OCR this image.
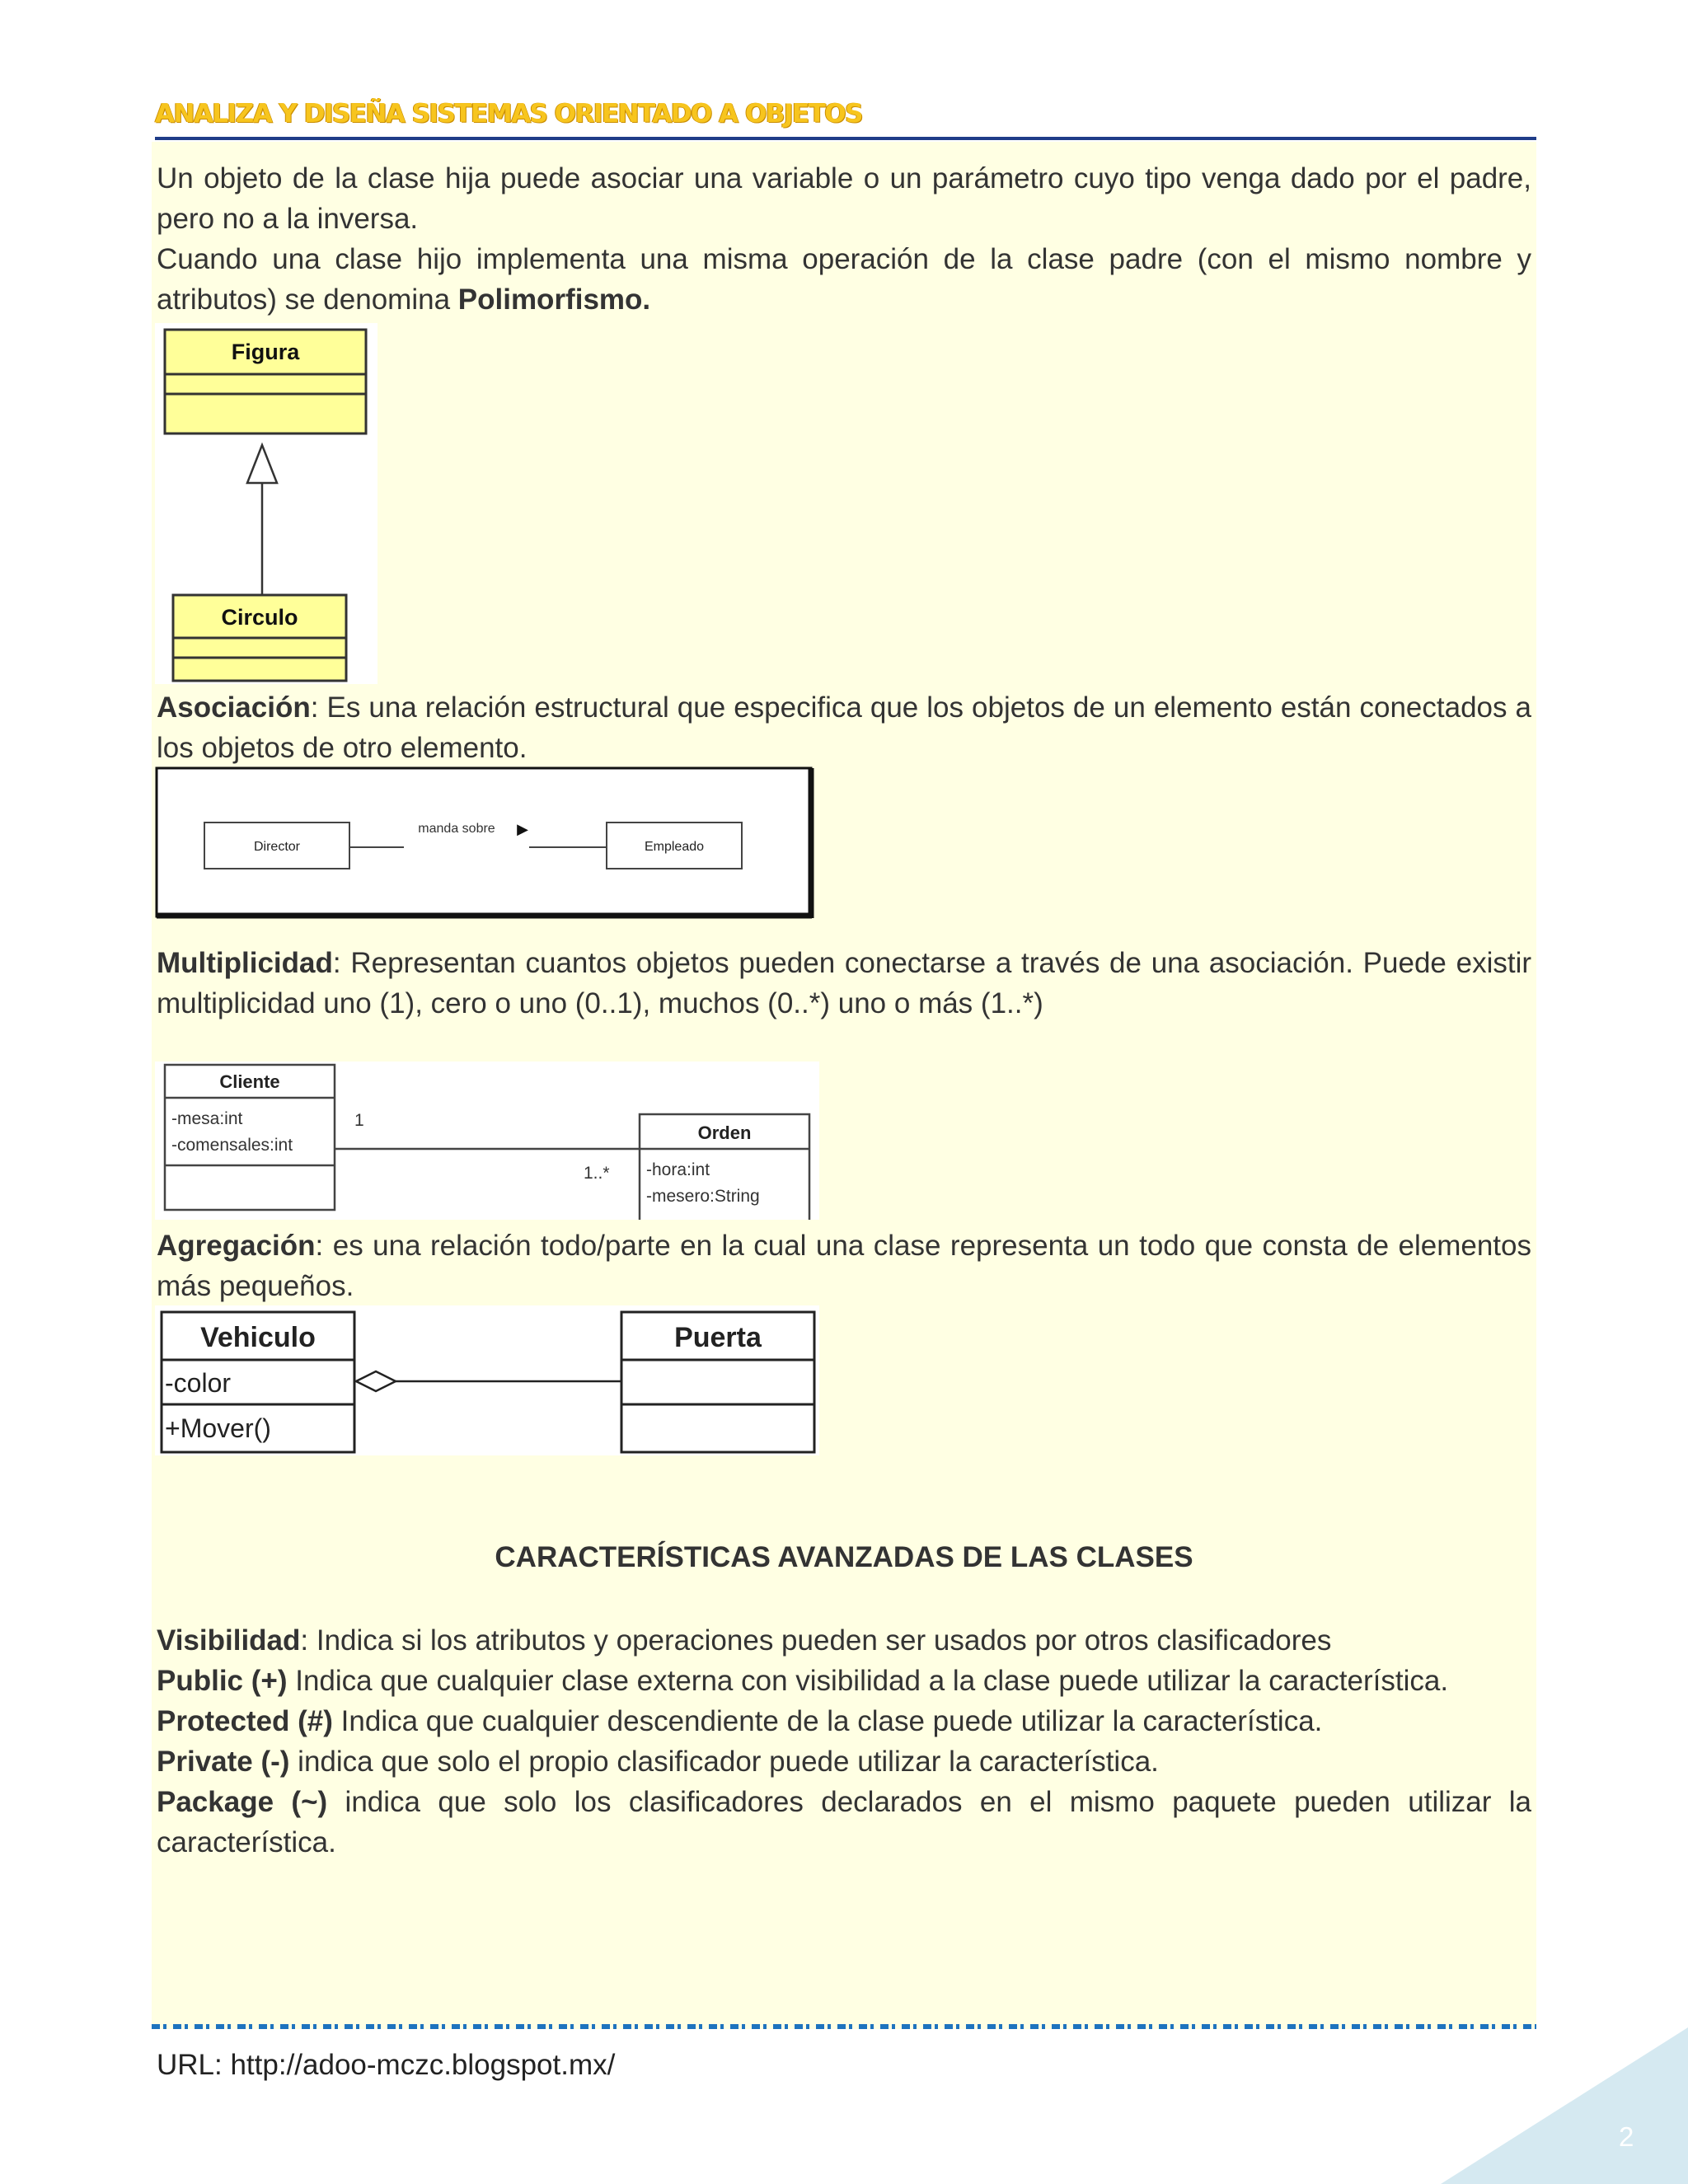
ANALIZA Y DISEÑA SISTEMAS ORIENTADO A OBJETOS

Un objeto de la clase hija puede asociar una variable o un parámetro cuyo tipo venga dado por el padre, pero no a la inversa.

Cuando una clase hijo implementa una misma operación de la clase padre (con el mismo nombre y atributos) se denomina Polimorfismo.

Figura
Circulo

Asociación: Es una relación estructural que especifica que los objetos de un elemento están conectados a los objetos de otro elemento.

Director
manda sobre ▶
Empleado

Multiplicidad: Representan cuantos objetos pueden conectarse a través de una asociación. Puede existir multiplicidad uno (1), cero o uno (0..1), muchos (0..*) uno o más (1..*)

Cliente
-mesa:int
-comensales:int
1
1..*
Orden
-hora:int
-mesero:String

Agregación: es una relación todo/parte en la cual una clase representa un todo que consta de elementos más pequeños.

Vehiculo
-color
+Mover()
Puerta
CARACTERÍSTICAS AVANZADAS DE LAS CLASES

Visibilidad: Indica si los atributos y operaciones pueden ser usados por otros clasificadores
Public (+) Indica que cualquier clase externa con visibilidad a la clase puede utilizar la característica.
Protected (#) Indica que cualquier descendiente de la clase puede utilizar la característica.
Private (-) indica que solo el propio clasificador puede utilizar la característica.
Package (~) indica que solo los clasificadores declarados en el mismo paquete pueden utilizar la característica.

URL: http://adoo-mczc.blogspot.mx/
2
